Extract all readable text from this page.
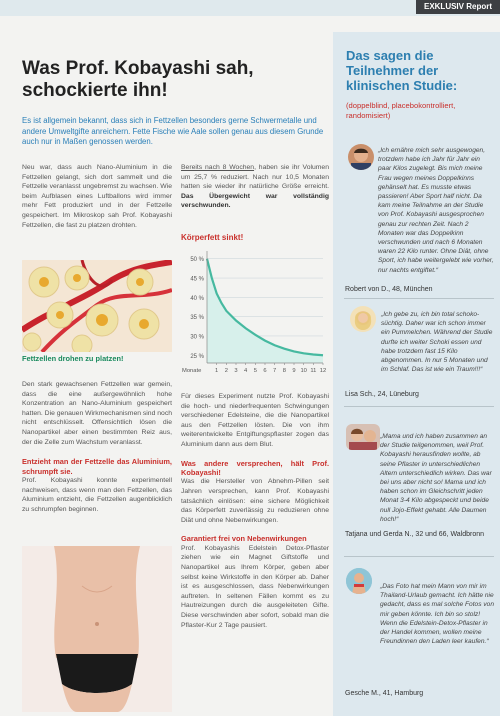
EXKLUSIV Report
Was Prof. Kobayashi sah, schockierte ihn!

Es ist allgemein bekannt, dass sich in Fettzellen besonders gerne Schwermetalle und andere Umweltgifte anreichern. Fette Fische wie Aale sollen genau aus diesem Grunde auch nur in Maßen genossen werden.

Neu war, dass auch Nano-Aluminium in die Fettzellen gelangt, sich dort sammelt und die Fettzelle veranlasst ungebremst zu wachsen. Wie beim Aufblasen eines Luftballons wird immer mehr Fett produziert und in der Fettzelle gespeichert. Im Mikroskop sah Prof. Kobayashi Fettzellen, die fast zu platzen drohten.

Fettzellen drohen zu platzen!

Den stark gewachsenen Fettzellen war gemein, dass die eine außergewöhnlich hohe Konzentration an Nano-Aluminium gespeichert hatten. Die genauen Wirkmechanismen sind noch nicht entschlüsselt. Offensichtlich lösen die Nanopartikel aber einen bestimmten Reiz aus, der die Zelle zum Wachstum veranlasst.

Entzieht man der Fettzelle das Aluminium, schrumpft sie.

Prof. Kobayashi konnte experimentell nachweisen, dass wenn man den Fettzellen, das Aluminium entzieht, die Fettzellen augenblicklich zu schrumpfen beginnen.

Bereits nach 8 Wochen, haben sie ihr Volumen um 25,7 % reduziert. Nach nur 10,5 Monaten hatten sie wieder ihr natürliche Größe erreicht. Das Übergewicht war vollständig verschwunden.

Körperfett sinkt!
25 %
30 %
35 %
40 %
45 %
50 %
1 2 3 4 5 6 7 8 9 10 11 12
Monate

Für dieses Experiment nutzte Prof. Kobayashi die hoch- und niederfrequenten Schwingungen verschiedener Edelsteine, die die Nanopartikel aus den Fettzellen lösten. Die von ihm weiterentwickelte Entgiftungspflaster zogen das Aluminium dann aus dem Blut.

Was andere versprechen, hält Prof. Kobayashi!

Was die Hersteller von Abnehm-Pillen seit Jahren versprechen, kann Prof. Kobayashi tatsächlich einlösen: eine sichere Möglichkeit das Körperfett zuverlässig zu reduzieren ohne Diät und ohne Nebenwirkungen.

Garantiert frei von Nebenwirkungen

Prof. Kobayashis Edelstein Detox-Pflaster ziehen wie ein Magnet Giftstoffe und Nanopartikel aus Ihrem Körper, geben aber selbst keine Wirkstoffe in den Körper ab. Daher ist es ausgeschlossen, dass Nebenwirkungen auftreten. In seltenen Fällen kommt es zu Hautreizungen durch die ausgeleiteten Gifte. Diese verschwinden aber sofort, sobald man die Pflaster-Kur 2 Tage pausiert.

Das sagen die Teilnehmer der klinischen Studie:

(doppelblind, placebokontrolliert, randomisiert)

„Ich ernähre mich sehr ausgewogen, trotzdem habe ich Jahr für Jahr ein paar Kilos zugelegt. Bis mich meine Frau wegen meines Doppelkinns gehänselt hat. Es musste etwas passieren! Aber Sport half nicht. Da kam meine Teilnahme an der Studie von Prof. Kobayashi ausgesprochen genau zur rechten Zeit. Nach 2 Monaten war das Doppelkinn verschwunden und nach 6 Monaten waren 22 Kilo runter. Ohne Diät, ohne Sport, ich habe weitergelebt wie vorher, nur nachts entgiftet.“

Robert von D., 48, München

„Ich gebe zu, ich bin total schoko-süchtig. Daher war ich schon immer ein Pummelchen. Während der Studie durfte ich weiter Schoki essen und habe trotzdem fast 15 Kilo abgenommen. In nur 5 Monaten und im Schlaf. Das ist wie ein Traum!!!“

Lisa Sch., 24, Lüneburg

„Mama und ich haben zusammen an der Studie teilgenommen, weil Prof. Kobayashi herausfinden wollte, ab seine Pflaster in unterschiedlichen Altern unterschiedlich wirken. Das war bei uns aber nicht so! Mama und ich haben schon im Gleichschritt jeden Monat 3-4 Kilo abgespeckt und beide null Jojo-Effekt gehabt. Alle Daumen hoch!“

Tatjana und Gerda N., 32 und 66, Waldbronn

„Das Foto hat mein Mann von mir im Thailand-Urlaub gemacht. Ich hätte nie gedacht, dass es mal solche Fotos von mir geben könnte. Ich bin so stolz! Wenn die Edelstein-Detox-Pflaster in der Handel kommen, wollen meine Freundinnen den Laden leer kaufen.“

Gesche M., 41, Hamburg
